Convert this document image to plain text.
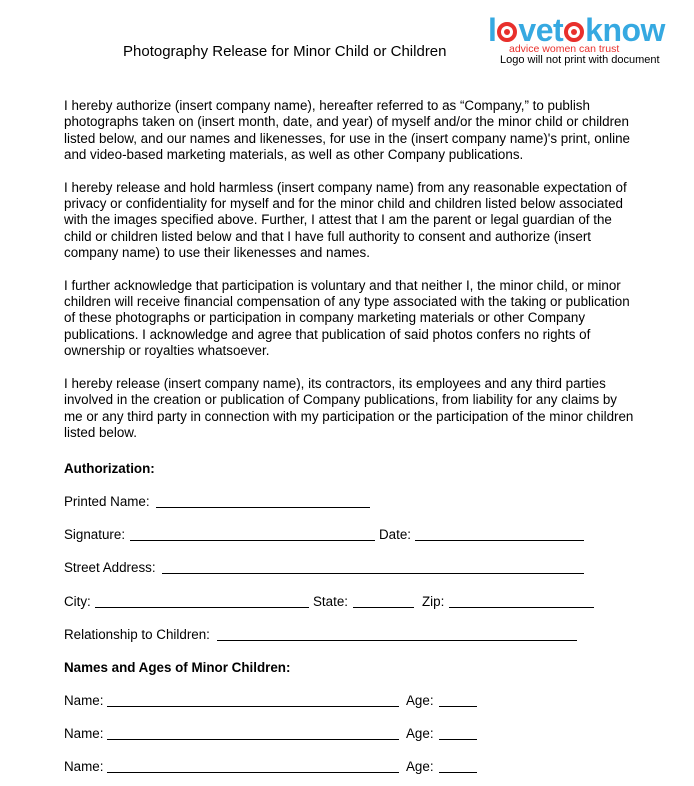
Photography Release for Minor Child or Children
l vet know
advice women can trust
Logo will not print with document

I hereby authorize (insert company name), hereafter referred to as “Company,” to publish photographs taken on (insert month, date, and year) of myself and/or the minor child or children listed below, and our names and likenesses, for use in the (insert company name)'s print, online and video-based marketing materials, as well as other Company publications.

I hereby release and hold harmless (insert company name) from any reasonable expectation of privacy or confidentiality for myself and for the minor child and children listed below associated with the images specified above. Further, I attest that I am the parent or legal guardian of the child or children listed below and that I have full authority to consent and authorize (insert company name) to use their likenesses and names.

I further acknowledge that participation is voluntary and that neither I, the minor child, or minor children will receive financial compensation of any type associated with the taking or publication of these photographs or participation in company marketing materials or other Company publications. I acknowledge and agree that publication of said photos confers no rights of ownership or royalties whatsoever.

I hereby release (insert company name), its contractors, its employees and any third parties involved in the creation or publication of Company publications, from liability for any claims by me or any third party in connection with my participation or the participation of the minor children listed below.

Authorization:
Printed Name:
Signature:	Date:
Street Address:
City:	State:	Zip:
Relationship to Children:
Names and Ages of Minor Children:
Name:	Age:
Name:	Age:
Name:	Age:
